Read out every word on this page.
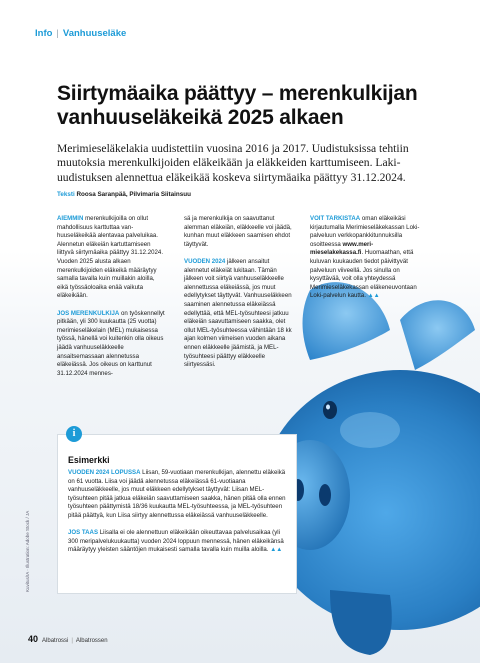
Info | Vanhuuseläke
Siirtymäaika päättyy – merenkulkijan vanhuuseläkeikä 2025 alkaen

Merimieseläkelakia uudistettiin vuosina 2016 ja 2017. Uudistuksissa tehtiin muutoksia merenkulkijoiden eläkeikään ja eläkkeiden karttumiseen. Lakiuudistuksen alennettua eläkeikää koskeva siirtymäaika päättyy 31.12.2024.

Teksti Roosa Saranpää, Pilvimaria Siitainsuu

AIEMMIN merenkulkijoilla on ollut mahdollisuus karttuttaa vanhuuseläkeikää alentavaa palveluikaa. Alennetun eläkeiän kartuttamiseen liittyvä siirtymäaika päättyy 31.12.2024. Vuoden 2025 alusta alkaen merenkulkijoiden eläkeikä määräytyy samalla tavalla kuin muillakin aloilla, eikä työssäoloaika enää vaikuta eläkeikään.

JOS MERENKULKIJA on työskennellyt pitkään, yli 300 kuukautta (25 vuotta) merimieseläkelain (MEL) mukaisessa työssä, hänellä voi kuitenkin olla oikeus jäädä vanhuuseläkkeelle ansaitsemassaan alennetussa eläkeiässä. Jos oikeus on karttunut 31.12.2024 mennes-

sä ja merenkulkija on saavuttanut alemman eläkeiän, eläkkeelle voi jäädä, kunhan muut eläkkeen saamisen ehdot täyttyvät.

VUODEN 2024 jälkeen ansaitut alennetut eläkeiät lukitaan. Tämän jälkeen voit siirtyä vanhuuseläkkeelle alennettussa eläkeiässä, jos muut edellytykset täyttyvät. Vanhuuseläkkeen saaminen alennetussa eläkeiässä edellyttää, että MEL-työsuhteesi jatkuu eläkeiän saavuttamiseen saakka, olet ollut MEL-työsuhteessa vähintään 18 kk ajan kolmen viimeisen vuoden aikana ennen eläkkeelle jäämistä, ja MEL-työsuhteesi päättyy eläkkeelle siirtyessäsi.

VOIT TARKISTAA oman eläkeikäsi kirjautumalla Merimieseläkekassan Loki-palveluun verkkopankkitunnuksilla osoitteessa www.merimieselakekassa.fi. Huomaathan, että kuluvan kuukauden tiedot päivittyvät palveluun viiveellä. Jos sinulla on kysyttävää, voit olla yhteydessä Merimieseläkekassan eläkeneuvontaan Loki-palvelun kautta. ▲▲

i
Esimerkki

VUODEN 2024 LOPUSSA Liisan, 59-vuotiaan merenkulkijan, alennettu eläkeikä on 61 vuotta. Liisa voi jäädä alennetussa eläkeiässä 61-vuotiaana vanhuuseläkkeelle, jos muut eläkkeen edellytykset täyttyvät: Liisan MEL-työsuhteen pitää jatkua eläkeiän saavuttamiseen saakka, hänen pitää olla ennen työsuhteen päättymistä 18/36 kuukautta MEL-työsuhteessa, ja MEL-työsuhteen pitää päättyä, kun Liisa siirtyy alennettussa eläkeiässä vanhuuseläkkeelle.

JOS TAAS Liisalla ei ole alennettuun eläkeikään oikeuttavaa palvelusaikaa (yli 300 meripalvelukuukautta) vuoden 2024 loppuun mennessä, hänen eläkeikänsä määräytyy yleisten sääntöjen mukaisesti samalla tavalla kuin muilla aloilla. ▲▲

Kuvitus/IA · Illustration: Adobe Stock / JA
40 Albatrossi | Albatrossen
